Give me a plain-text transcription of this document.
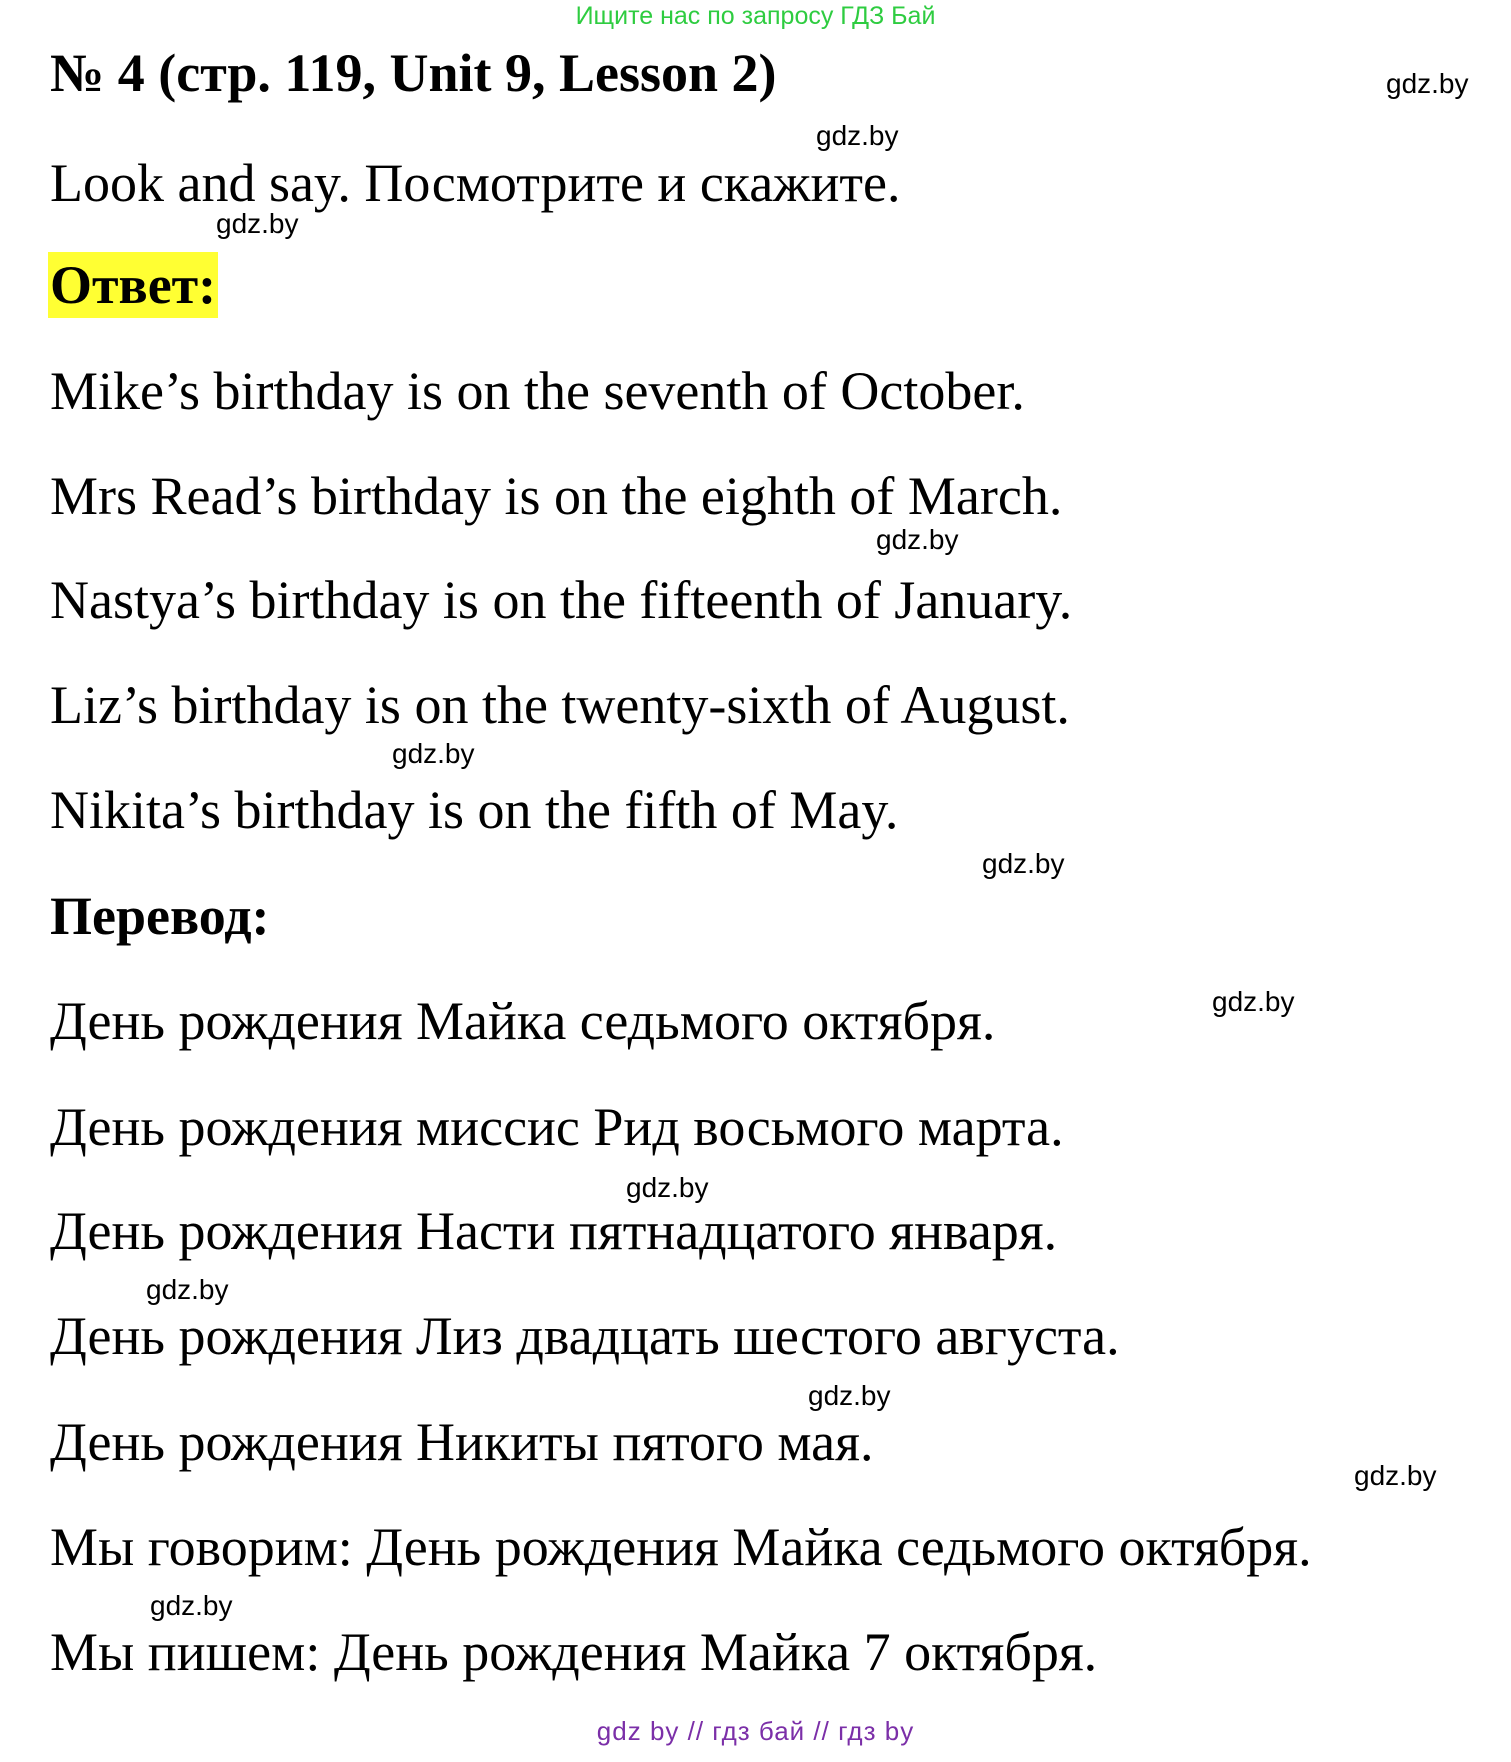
Ищите нас по запросу ГДЗ Бай
№ 4 (стр. 119, Unit 9, Lesson 2)
Look and say. Посмотрите и скажите.
Ответ:
Mike’s birthday is on the seventh of October.
Mrs Read’s birthday is on the eighth of March.
Nastya’s birthday is on the fifteenth of January.
Liz’s birthday is on the twenty-sixth of August.
Nikita’s birthday is on the fifth of May.
Перевод:
День рождения Майка седьмого октября.
День рождения миссис Рид восьмого марта.
День рождения Насти пятнадцатого января.
День рождения Лиз двадцать шестого августа.
День рождения Никиты пятого мая.
Мы говорим: День рождения Майка седьмого октября.
Мы пишем: День рождения Майка 7 октября.
gdz.by
gdz.by
gdz.by
gdz.by
gdz.by
gdz.by
gdz.by
gdz.by
gdz.by
gdz.by
gdz.by
gdz.by
gdz by // гдз бай // гдз by
